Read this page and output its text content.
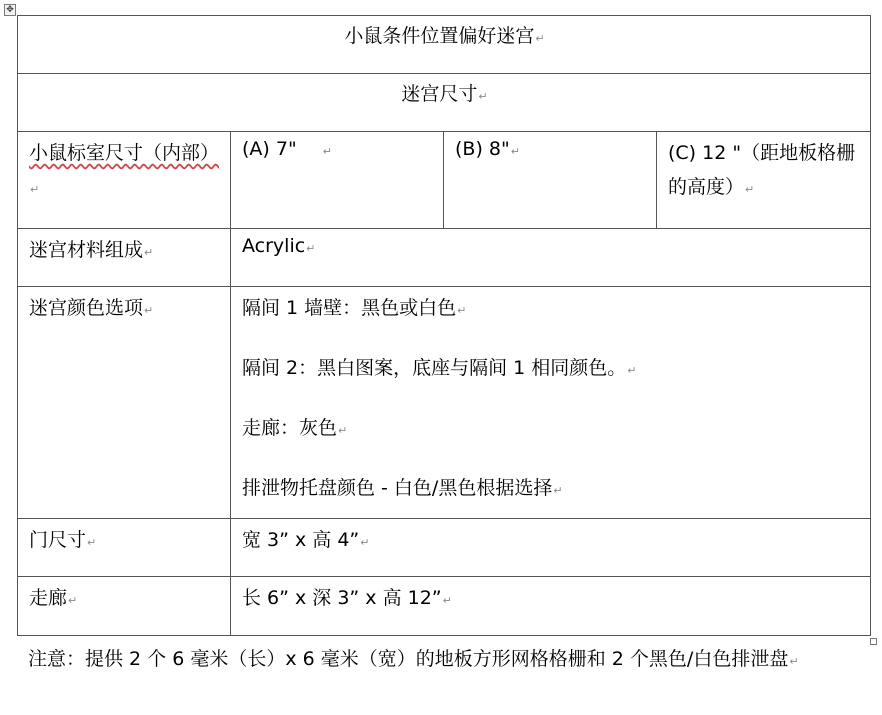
✥
小鼠条件位置偏好迷宫↵			
迷宫尺寸↵			
小鼠标室尺寸（内部）↵	(A) 7" ↵	(B) 8"↵	(C) 12 "（距地板格栅的高度）↵
迷宫材料组成↵	Acrylic↵		
迷宫颜色选项↵	隔间 1 墙壁：黑色或白色↵

隔间 2：黑白图案，底座与隔间 1 相同颜色。↵

走廊：灰色↵

排泄物托盘颜色 - 白色/黑色根据选择↵		

门尺寸↵	宽 3” x 高 4”↵		
走廊↵	长 6” x 深 3” x 高 12”↵		
注意：提供 2 个 6 毫米（长）x 6 毫米（宽）的地板方形网格格栅和 2 个黑色/白色排泄盘↵
